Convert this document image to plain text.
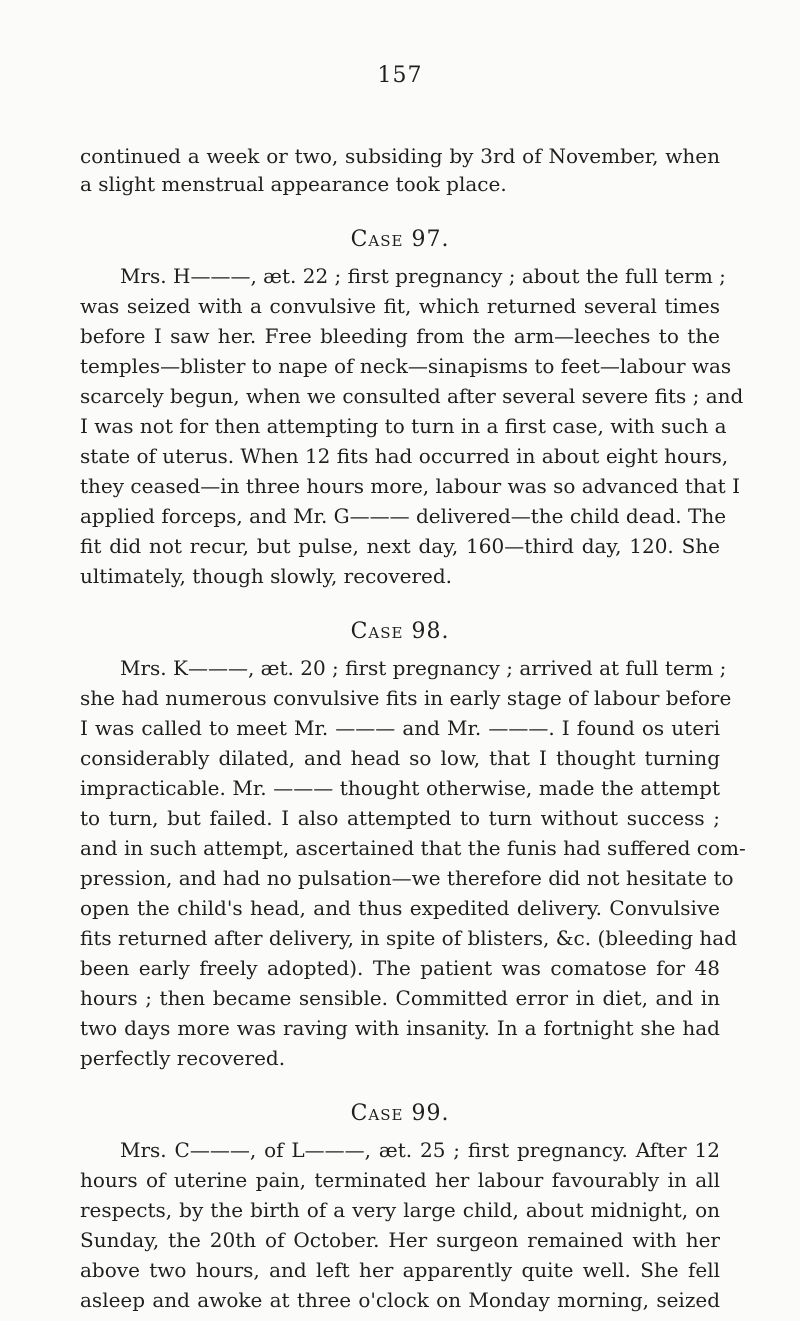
157
continued a week or two, subsiding by 3rd of November, when
a slight menstrual appearance took place.
Case 97.
Mrs. H———, æt. 22 ; first pregnancy ; about the full term ;
was seized with a convulsive fit, which returned several times
before I saw her. Free bleeding from the arm—leeches to the
temples—blister to nape of neck—sinapisms to feet—labour was
scarcely begun, when we consulted after several severe fits ; and
I was not for then attempting to turn in a first case, with such a
state of uterus. When 12 fits had occurred in about eight hours,
they ceased—in three hours more, labour was so advanced that I
applied forceps, and Mr. G——— delivered—the child dead. The
fit did not recur, but pulse, next day, 160—third day, 120. She
ultimately, though slowly, recovered.
Case 98.
Mrs. K———, æt. 20 ; first pregnancy ; arrived at full term ;
she had numerous convulsive fits in early stage of labour before
I was called to meet Mr. ——— and Mr. ———. I found os uteri
considerably dilated, and head so low, that I thought turning
impracticable. Mr. ——— thought otherwise, made the attempt
to turn, but failed. I also attempted to turn without success ;
and in such attempt, ascertained that the funis had suffered com-
pression, and had no pulsation—we therefore did not hesitate to
open the child's head, and thus expedited delivery. Convulsive
fits returned after delivery, in spite of blisters, &c. (bleeding had
been early freely adopted). The patient was comatose for 48
hours ; then became sensible. Committed error in diet, and in
two days more was raving with insanity. In a fortnight she had
perfectly recovered.
Case 99.
Mrs. C———, of L———, æt. 25 ; first pregnancy. After 12
hours of uterine pain, terminated her labour favourably in all
respects, by the birth of a very large child, about midnight, on
Sunday, the 20th of October. Her surgeon remained with her
above two hours, and left her apparently quite well. She fell
asleep and awoke at three o'clock on Monday morning, seized
